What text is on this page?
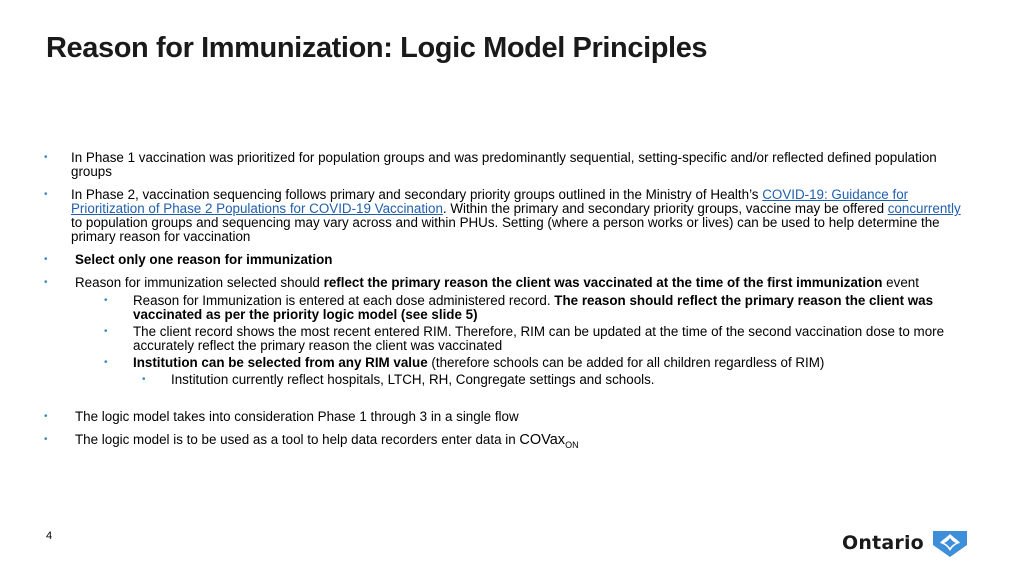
Reason for Immunization: Logic Model Principles
• In Phase 1 vaccination was prioritized for population groups and was predominantly sequential, setting-specific and/or reflected defined population groups
• In Phase 2, vaccination sequencing follows primary and secondary priority groups outlined in the Ministry of Health’s COVID-19: Guidance for Prioritization of Phase 2 Populations for COVID-19 Vaccination. Within the primary and secondary priority groups, vaccine may be offered concurrently to population groups and sequencing may vary across and within PHUs. Setting (where a person works or lives) can be used to help determine the primary reason for vaccination
• Select only one reason for immunization
• Reason for immunization selected should reflect the primary reason the client was vaccinated at the time of the first immunization event
• Reason for Immunization is entered at each dose administered record. The reason should reflect the primary reason the client was vaccinated as per the priority logic model (see slide 5)
• The client record shows the most recent entered RIM. Therefore, RIM can be updated at the time of the second vaccination dose to more accurately reflect the primary reason the client was vaccinated
• Institution can be selected from any RIM value (therefore schools can be added for all children regardless of RIM)
• Institution currently reflect hospitals, LTCH, RH, Congregate settings and schools.
• The logic model takes into consideration Phase 1 through 3 in a single flow
• The logic model is to be used as a tool to help data recorders enter data in COVax$_{ON}$
4	Ontario
